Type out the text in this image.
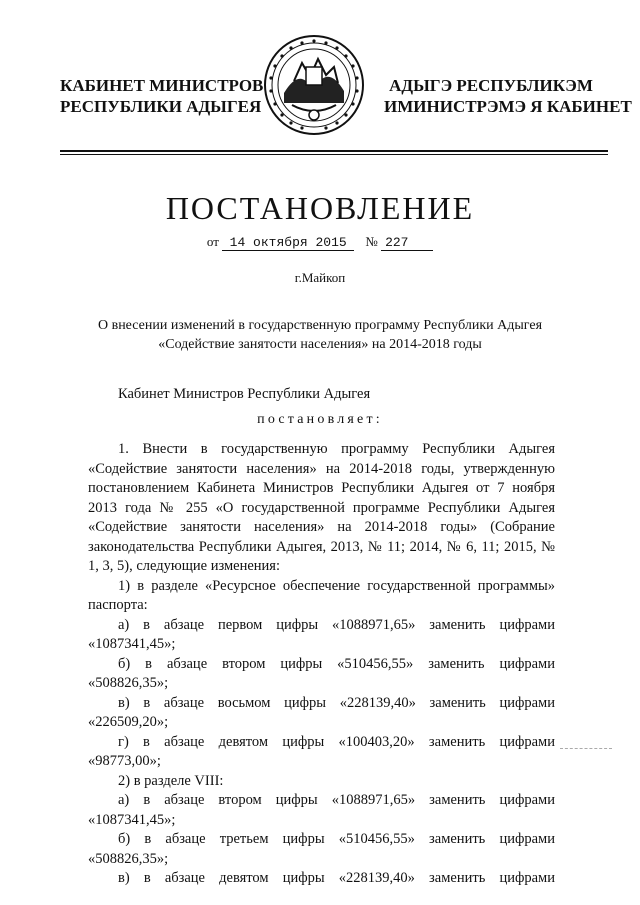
КАБИНЕТ МИНИСТРОВ
РЕСПУБЛИКИ АДЫГЕЯ
АДЫГЭ РЕСПУБЛИКЭМ
ИМИНИСТРЭМЭ Я КАБИНЕТ
ПОСТАНОВЛЕНИЕ
от 14 октября 2015 № 227
г.Майкоп
О внесении изменений в государственную программу Республики Адыгея
«Содействие занятости населения» на 2014-2018 годы
Кабинет Министров Республики Адыгея
постановляет:

1. Внести в государственную программу Республики Адыгея «Содействие занятости населения» на 2014-2018 годы, утвержденную постановлением Кабинета Министров Республики Адыгея от 7 ноября 2013 года № 255 «О государственной программе Республики Адыгея «Содействие занятости населения» на 2014-2018 годы» (Собрание законодательства Республики Адыгея, 2013, № 11; 2014, № 6, 11; 2015, № 1, 3, 5), следующие изменения:

1) в разделе «Ресурсное обеспечение государственной программы» паспорта:

а) в абзаце первом цифры «1088971,65» заменить цифрами
«1087341,45»;
б) в абзаце втором цифры «510456,55» заменить цифрами
«508826,35»;
в) в абзаце восьмом цифры «228139,40» заменить цифрами
«226509,20»;
г) в абзаце девятом цифры «100403,20» заменить цифрами
«98773,00»;

2) в разделе VIII:

а) в абзаце втором цифры «1088971,65» заменить цифрами
«1087341,45»;
б) в абзаце третьем цифры «510456,55» заменить цифрами
«508826,35»;
в) в абзаце девятом цифры «228139,40» заменить цифрами
